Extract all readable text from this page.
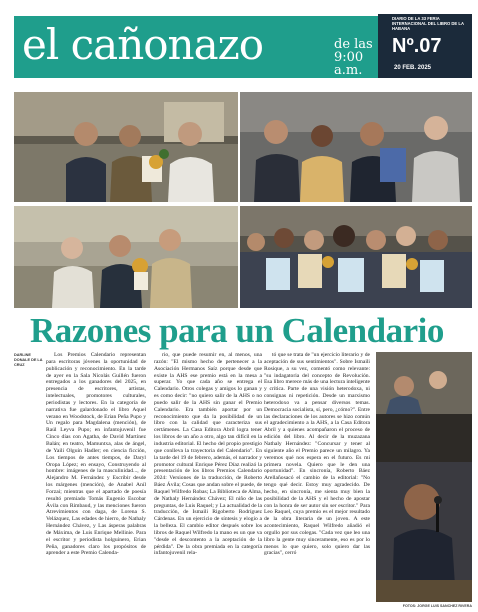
el cañonazo	de las
9:00 a.m.
DIARIO DE LA 33 FERIA INTERNACIONAL DEL LIBRO DE LA HABANA
Nº.07
20 FEB. 2025
Razones para un Calendario
DARLINE DONALE DE LA CRUZ

Los Premios Calendario representan para escritoras jóvenes la oportunidad de publicación y reconocimiento. En la tarde de ayer en la Sala Nicolás Guillén fueron entregados a los ganadores del 2025, en presencia de escritores, artistas, intelectuales, promotores culturales, periodistas y lectores. En la categoría de narrativa fue galardonado el libro Aquel verano en Woodstock, de Erian Peña Pupo y Un regalo para Magdalena (mención), de Raúl Leyva Pupo; en infantojuvenil fue Cinco días con Agatha, de David Martínez Balán; en teatro, Mamuntxa, alas de ángel, de Yaili Olguín Hadler; en ciencia ficción, Los tiempos de antes tiempos, de Daryl Oropa López; en ensayo, Construyendo al hombre: imágenes de la masculinidad..., de Alejandro M. Fernández y Escribir desde los márgenes (mención), de Anabel Aníl Forzai; mientras que el apartado de poesía resultó premiado Tomás Eugenio Escobar Ávila con Rimbaud, y las menciones fueron Atrevimientos con daga, de Lorena S. Velázquez, Las edades de hierro, de Nathaly Hernández Chávez, y Las ásperas palabras de Máxima, de Luis Enrique Mellinie. Para el escritor y periodista holguinero, Erian Peña, ganadores claro los propósitos de aprender a este Premio Calenda-

rio, que puede resumir en, al menos, una razón: "El mismo hecho de pertenecer a la Asociación Hermanos Saíz porque desde que existe la AHS ese premio está en la mesa a superar. Yo que cada año se entrega el Calendario. Otros colegas y amigos lo ganan y es como decir: "no quiero salir de la AHS o no puedo salir de la AHS sin ganar el Premio Calendario. Era también aportar por un reconocimiento que da la posibilidad de un libro con la calidad que caracteriza sus certámenes. La Casa Editora Abril logra tener los libros de un año a otro, algo tan difícil en la industria editorial. El hecho del propio prestigio que conlleva la trayectoria del Calendario". En la tarde del 19 de febrero, además, el narrador y promotor cultural Enrique Pérez Díaz realizó la presentación de los libros Premios Calendario 2024: Versiones de la traducción, de Roberto Báez Ávila; Cosas que andan sobre el puede, de Raquel Wilfredo Robas; La Biblioteca de Alma, de Nathaly Hernández Chávez; El niño de las preguntas, de Luis Raquel; y La actualidad de la traducción, de Ismaili Rigoberto Rodríguez Cárdenas. En un ejercicio de síntesis y elogio a la belleza. El cambio editor después sobre los libros de Raquel Wilfredo la mano es un que va "desde el descontento a la aceptación de la pérdida". De la obra premiada en la categoría infantojuvenil rela-

tó que se trata de "un ejercicio literario y de aceptación de sus sentimientos". Sobre Ismaili Rosique, a su vez, comentó como relevante: "su indagatoria del concepto de Revolución. Esa libro merece más de una lectura inteligente y crítica. Parte de una visión heterodoxa, ni consignas ni repetición. Desde un marxismo heterodoxo va a pensar diversos temas. Democracia socialista, sí, pero, ¿cómo?". Entre las declaraciones de los autores se hizo común el agradecimiento a la AHS, a la Casa Editora Abril y a quienes acompañaron el proceso de edición del libro. Al decir de la muzazana Nathaly Hernández: "Concursar y tener al siguiente año el Premio parece un milagro. Ya veremos qué nos espera en el futuro. Es mi primera novela. Quiero que le den una oportunidad". En sincronía, Roberto Báez Arellañosacó el cambio de la editorial: "No tengo qué decir. Estoy muy agradecido. De hecho, en sincronía, me sienta muy bien la posibilidad de la AHS y el hecho de apostar con la honra de ser autor sin ser escritor." Para Leo Raquel, cuya premio es el mejor resultado de la obra literaria de un joven. A este acontecimiento, Raquel Wilfredo añadió el orgullo por sus colegas. "Cada vez que leo una libro la gente muy sinceramente, eso es por lo menos lo que quiero, solo quiero dar las gracias", cerró

FOTOS: JORGE LUIS SANCHEZ RIVERA
